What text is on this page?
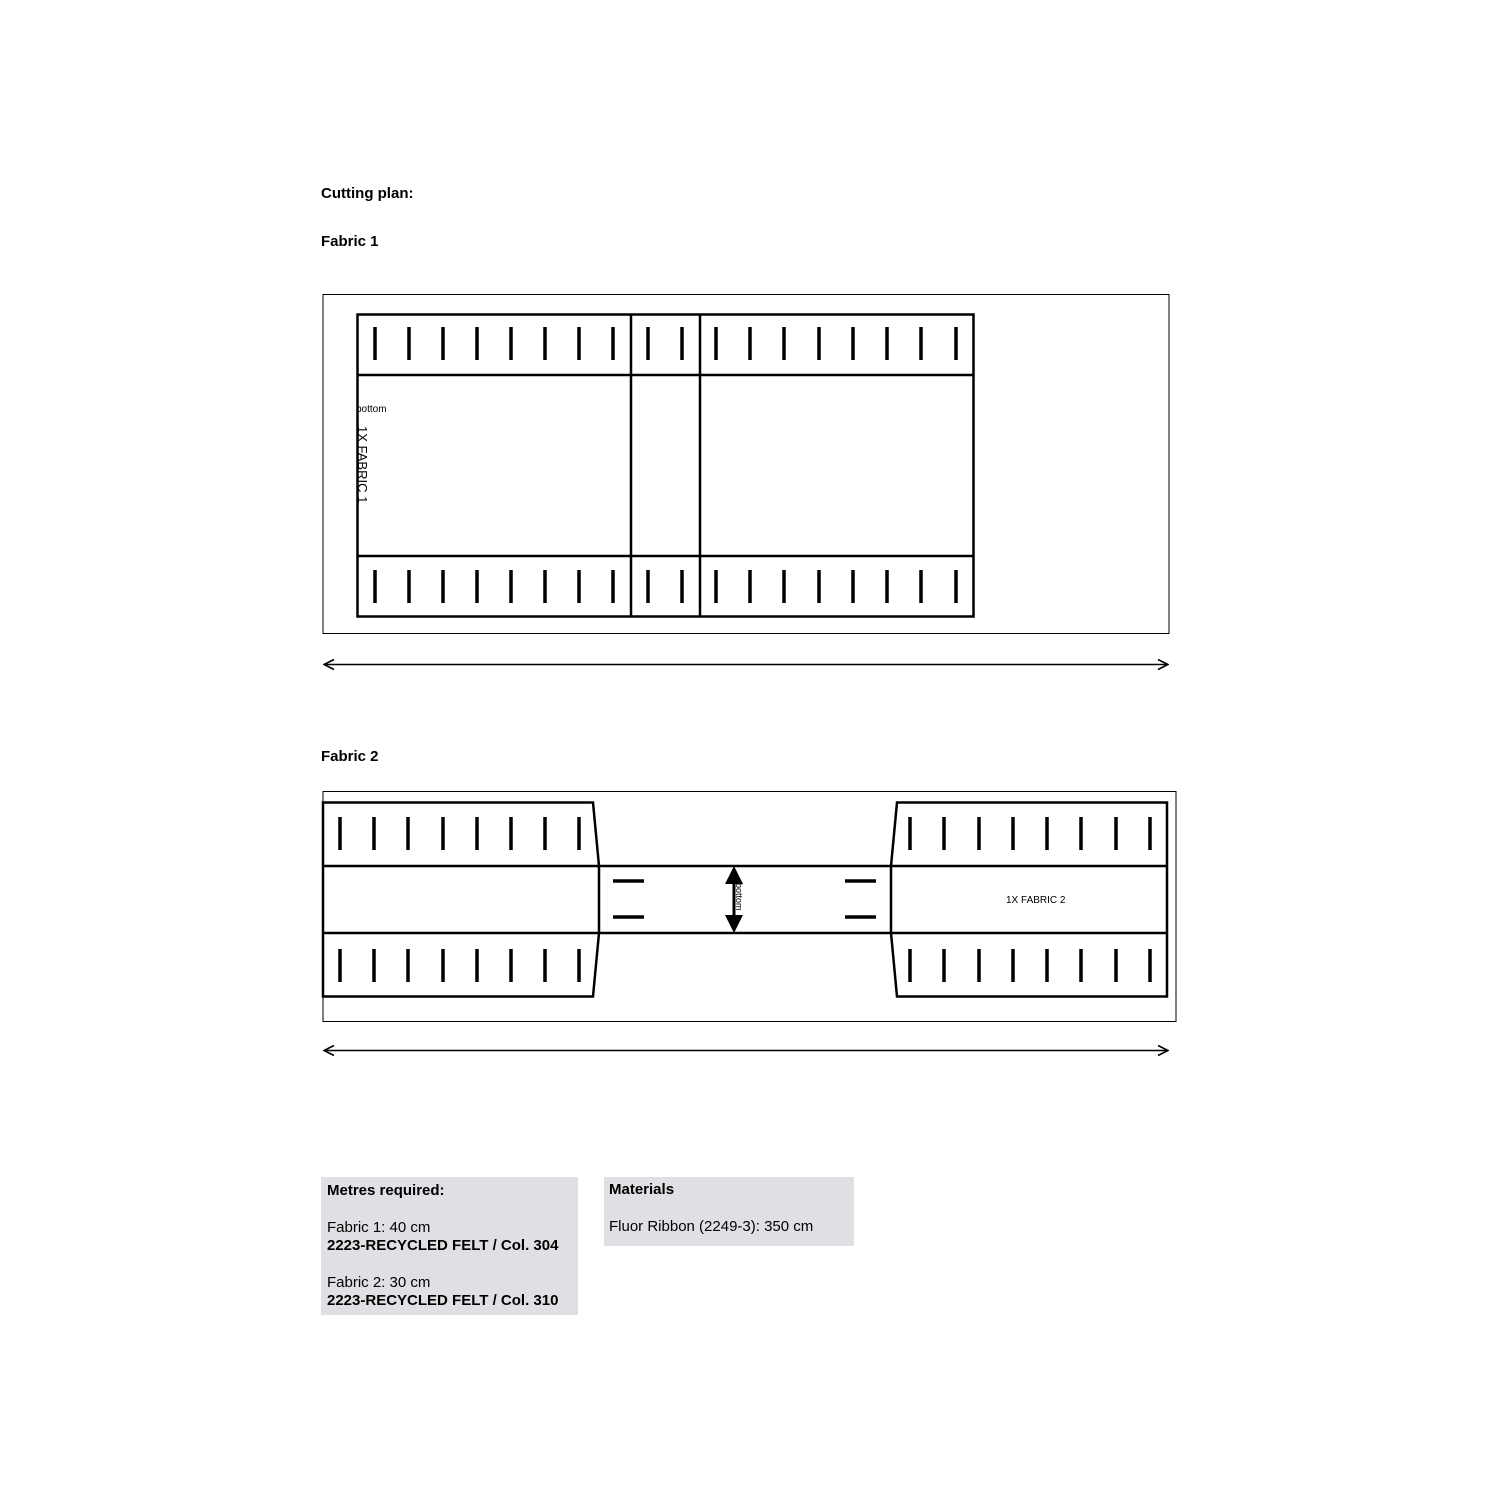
Cutting plan:
Fabric 1
Fabric 2
bottom
1X FABRIC 1
bottom	1X FABRIC 2
Metres required:
Fabric 1: 40 cm
2223-RECYCLED FELT / Col. 304
Fabric 2: 30 cm
2223-RECYCLED FELT / Col. 310
Materials
Fluor Ribbon (2249-3): 350 cm
